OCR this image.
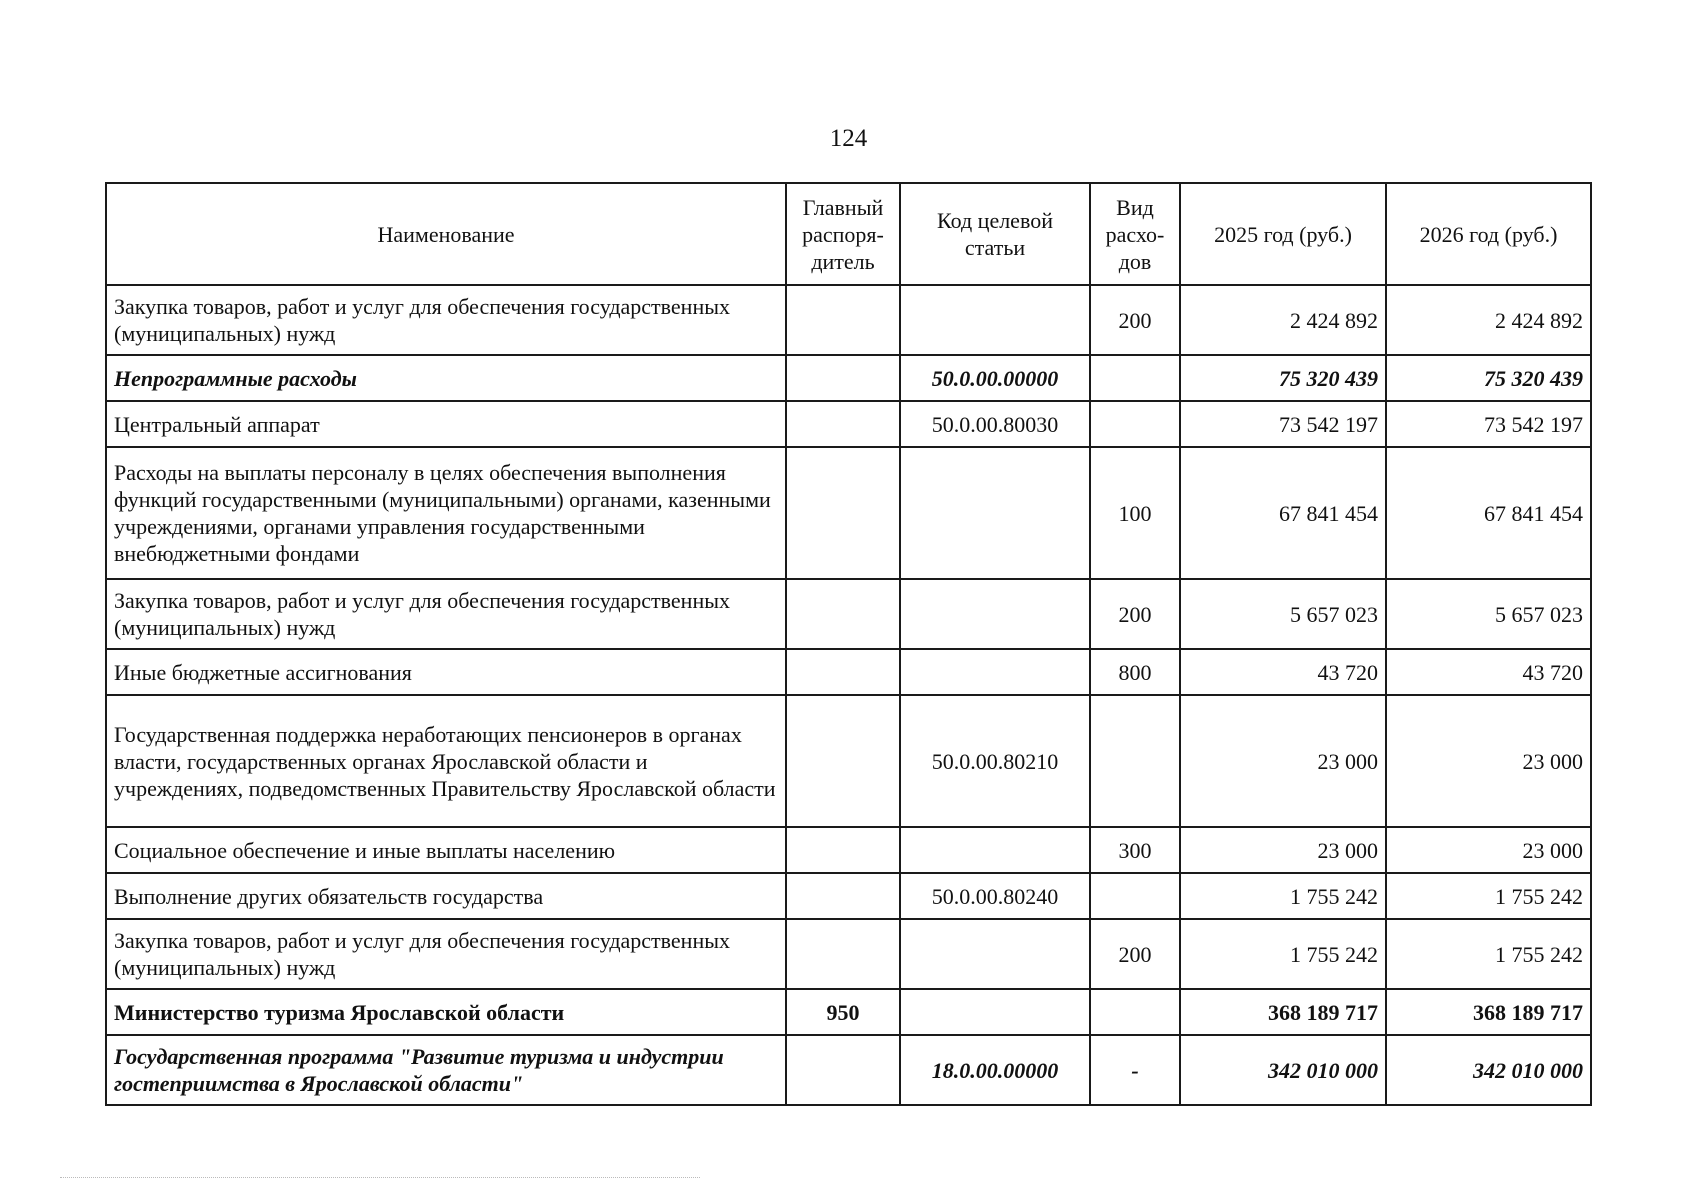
124
Наименование	Главный распоря-дитель	Код целевой статьи	Вид расхо-дов	2025 год (руб.)	2026 год (руб.)
Закупка товаров, работ и услуг для обеспечения государственных (муниципальных) нужд			200	2 424 892	2 424 892
Непрограммные расходы		50.0.00.00000		75 320 439	75 320 439
Центральный аппарат		50.0.00.80030		73 542 197	73 542 197
Расходы на выплаты персоналу в целях обеспечения выполнения функций государственными (муниципальными) органами, казенными учреждениями, органами управления государственными внебюджетными фондами			100	67 841 454	67 841 454
Закупка товаров, работ и услуг для обеспечения государственных (муниципальных) нужд			200	5 657 023	5 657 023
Иные бюджетные ассигнования			800	43 720	43 720
Государственная поддержка неработающих пенсионеров в органах власти, государственных органах Ярославской области и учреждениях, подведомственных Правительству Ярославской области		50.0.00.80210		23 000	23 000
Социальное обеспечение и иные выплаты населению			300	23 000	23 000
Выполнение других обязательств государства		50.0.00.80240		1 755 242	1 755 242
Закупка товаров, работ и услуг для обеспечения государственных (муниципальных) нужд			200	1 755 242	1 755 242
Министерство туризма Ярославской области	950			368 189 717	368 189 717
Государственная программа "Развитие туризма и индустрии гостеприимства в Ярославской области"		18.0.00.00000	-	342 010 000	342 010 000
